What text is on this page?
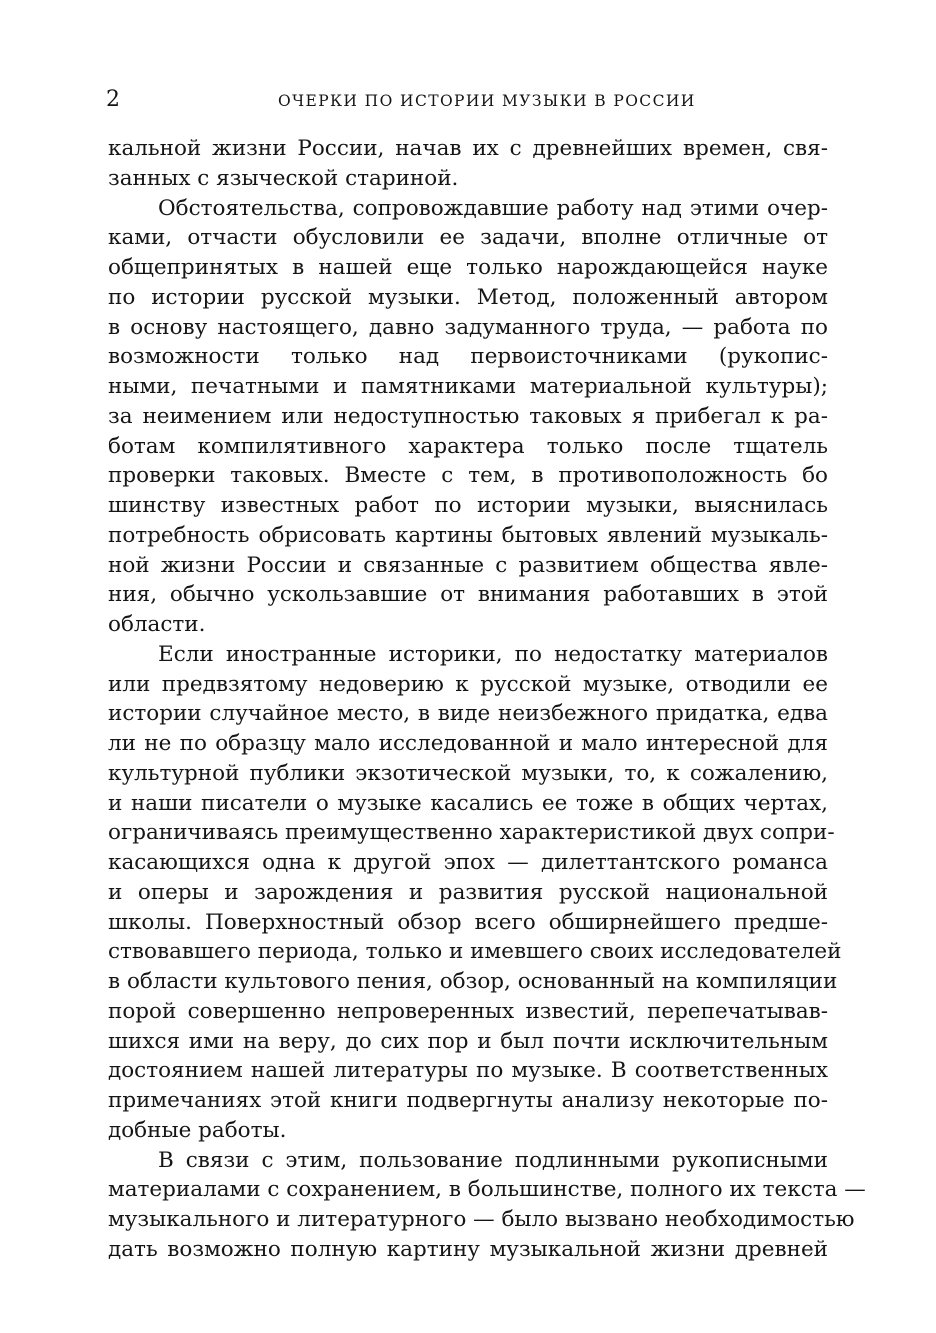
2	ОЧЕРКИ ПО ИСТОРИИ МУЗЫКИ В РОССИИ
кальной жизни России, начав их с древнейших времен, свя-
занных с языческой стариной.
Обстоятельства, сопровождавшие работу над этими очер-
ками, отчасти обусловили ее задачи, вполне отличные от
общепринятых в нашей еще только нарождающейся науке
по истории русской музыки. Метод, положенный автором
в основу настоящего, давно задуманного труда, — работа по
возможности только над первоисточниками (рукопис-
ными, печатными и памятниками материальной культуры);
за неимением или недоступностью таковых я прибегал к ра-
ботам компилятивного характера только после тщатель
проверки таковых. Вместе с тем, в противоположность бо
шинству известных работ по истории музыки, выяснилась
потребность обрисовать картины бытовых явлений музыкаль-
ной жизни России и связанные с развитием общества явле-
ния, обычно ускользавшие от внимания работавших в этой
области.
Если иностранные историки, по недостатку материалов
или предвзятому недоверию к русской музыке, отводили ее
истории случайное место, в виде неизбежного придатка, едва
ли не по образцу мало исследованной и мало интересной для
культурной публики экзотической музыки, то, к сожалению,
и наши писатели о музыке касались ее тоже в общих чертах,
ограничиваясь преимущественно характеристикой двух сопри-
касающихся одна к другой эпох — дилеттантского романса
и оперы и зарождения и развития русской национальной
школы. Поверхностный обзор всего обширнейшего предше-
ствовавшего периода, только и имевшего своих исследователей
в области культового пения, обзор, основанный на компиляции
порой совершенно непроверенных известий, перепечатывав-
шихся ими на веру, до сих пор и был почти исключительным
достоянием нашей литературы по музыке. В соответственных
примечаниях этой книги подвергнуты анализу некоторые по-
добные работы.
В связи с этим, пользование подлинными рукописными
материалами с сохранением, в большинстве, полного их текста —
музыкального и литературного — было вызвано необходимостью
дать возможно полную картину музыкальной жизни древней
